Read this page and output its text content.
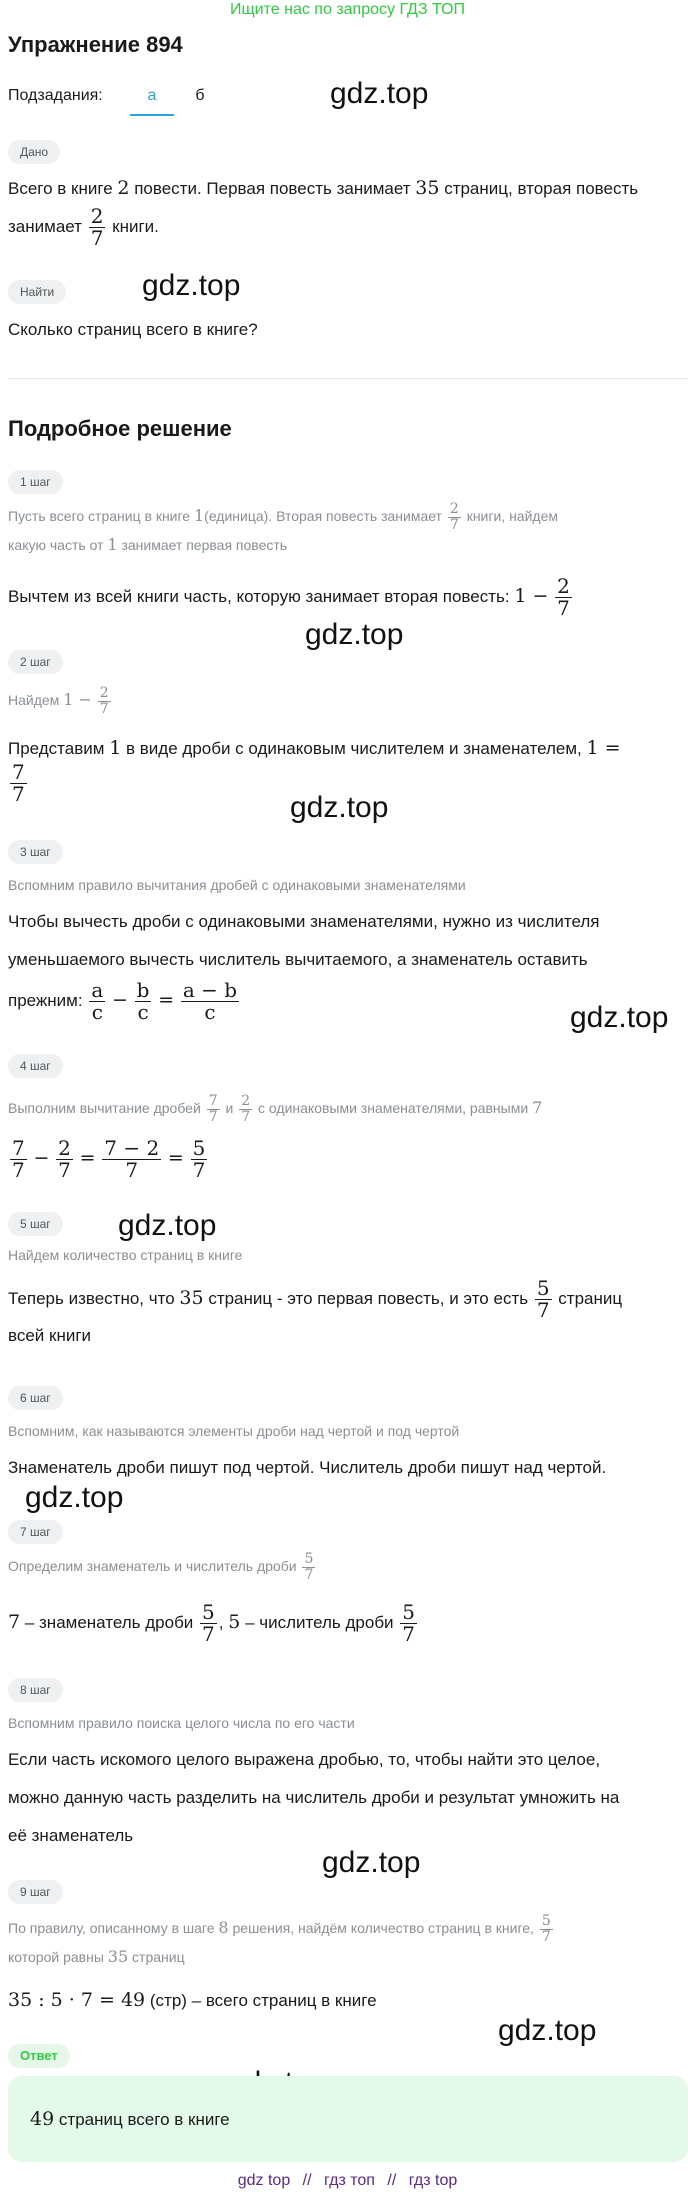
Ищите нас по запросу ГДЗ ТОП
Упражнение 894
Подзадания:	а	б	gdz.top
gdz.top
gdz.top
gdz.top
gdz.top
gdz.top
gdz.top
gdz.top
gdz.top
Дано
Всего в книге 2 повести. Первая повесть занимает 35 страниц, вторая повесть
занимает $\frac{2}{7}$ книги.
Найти
Сколько страниц всего в книге?
Подробное решение
1 шаг
Пусть всего страниц в книге 1(единица). Вторая повесть занимает $\frac{2}{7}$ книги, найдем
какую часть от 1 занимает первая повесть
Вычтем из всей книги часть, которую занимает вторая повесть: $1 - \frac{2}{7}$
2 шаг
Найдем $1 - \frac{2}{7}$
Представим 1 в виде дроби с одинаковым числителем и знаменателем, 1 =
$\frac{7}{7}$
3 шаг
Вспомним правило вычитания дробей с одинаковыми знаменателями
Чтобы вычесть дроби с одинаковыми знаменателями, нужно из числителя
уменьшаемого вычесть числитель вычитаемого, а знаменатель оставить
прежним: $\frac{a}{c} - \frac{b}{c} = \frac{a - b}{c}$
4 шаг
Выполним вычитание дробей $\frac{7}{7}$ и $\frac{2}{7}$ с одинаковыми знаменателями, равными 7
$\frac{7}{7} - \frac{2}{7} = \frac{7 - 2}{7} = \frac{5}{7}$
5 шаг
Найдем количество страниц в книге
Теперь известно, что 35 страниц - это первая повесть, и это есть $\frac{5}{7}$ страниц
всей книги
6 шаг
Вспомним, как называются элементы дроби над чертой и под чертой
Знаменатель дроби пишут под чертой. Числитель дроби пишут над чертой.
7 шаг
Определим знаменатель и числитель дроби $\frac{5}{7}$
7 – знаменатель дроби $\frac{5}{7}$ , 5 – числитель дроби $\frac{5}{7}$
8 шаг
Вспомним правило поиска целого числа по его части
Если часть искомого целого выражена дробью, то, чтобы найти это целое,
можно данную часть разделить на числитель дроби и результат умножить на
её знаменатель
9 шаг
По правилу, описанному в шаге 8 решения, найдём количество страниц в книге, $\frac{5}{7}$

которой равны 35 страниц
35 : 5 · 7 = 49 (стр) – всего страниц в книге
Ответ
49 страниц всего в книге
gdz top // гдз топ // гдз top
